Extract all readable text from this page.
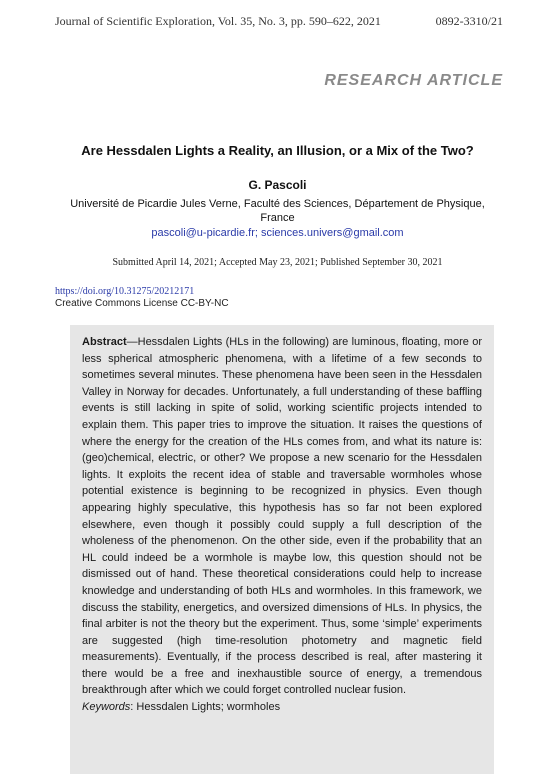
Journal of Scientific Exploration, Vol. 35, No. 3, pp. 590–622, 2021	0892-3310/21
RESEARCH ARTICLE
Are Hessdalen Lights a Reality, an Illusion, or a Mix of the Two?
G. Pascoli
Université de Picardie Jules Verne, Faculté des Sciences, Département de Physique, France
pascoli@u-picardie.fr; sciences.univers@gmail.com
Submitted April 14, 2021; Accepted May 23, 2021; Published September 30, 2021
https://doi.org/10.31275/20212171
Creative Commons License CC-BY-NC

Abstract—Hessdalen Lights (HLs in the following) are luminous, floating, more or less spherical atmospheric phenomena, with a lifetime of a few seconds to sometimes several minutes. These phenomena have been seen in the Hessdalen Valley in Norway for decades. Unfortunately, a full understanding of these baffling events is still lacking in spite of solid, working scientific projects intended to explain them. This paper tries to improve the situation. It raises the questions of where the energy for the creation of the HLs comes from, and what its nature is: (geo)chemical, electric, or other? We propose a new scenario for the Hessdalen lights. It exploits the recent idea of stable and traversable wormholes whose potential existence is beginning to be recognized in physics. Even though appearing highly speculative, this hypothesis has so far not been explored elsewhere, even though it possibly could supply a full description of the wholeness of the phenomenon. On the other side, even if the probability that an HL could indeed be a wormhole is maybe low, this question should not be dismissed out of hand. These theoretical considerations could help to increase knowledge and understanding of both HLs and wormholes. In this framework, we discuss the stability, energetics, and oversized dimensions of HLs. In physics, the final arbiter is not the theory but the experiment. Thus, some ‘simple’ experiments are suggested (high time-resolution photometry and magnetic field measurements). Eventually, if the process described is real, after mastering it there would be a free and inexhaustible source of energy, a tremendous breakthrough after which we could forget controlled nuclear fusion.

Keywords: Hessdalen Lights; wormholes
